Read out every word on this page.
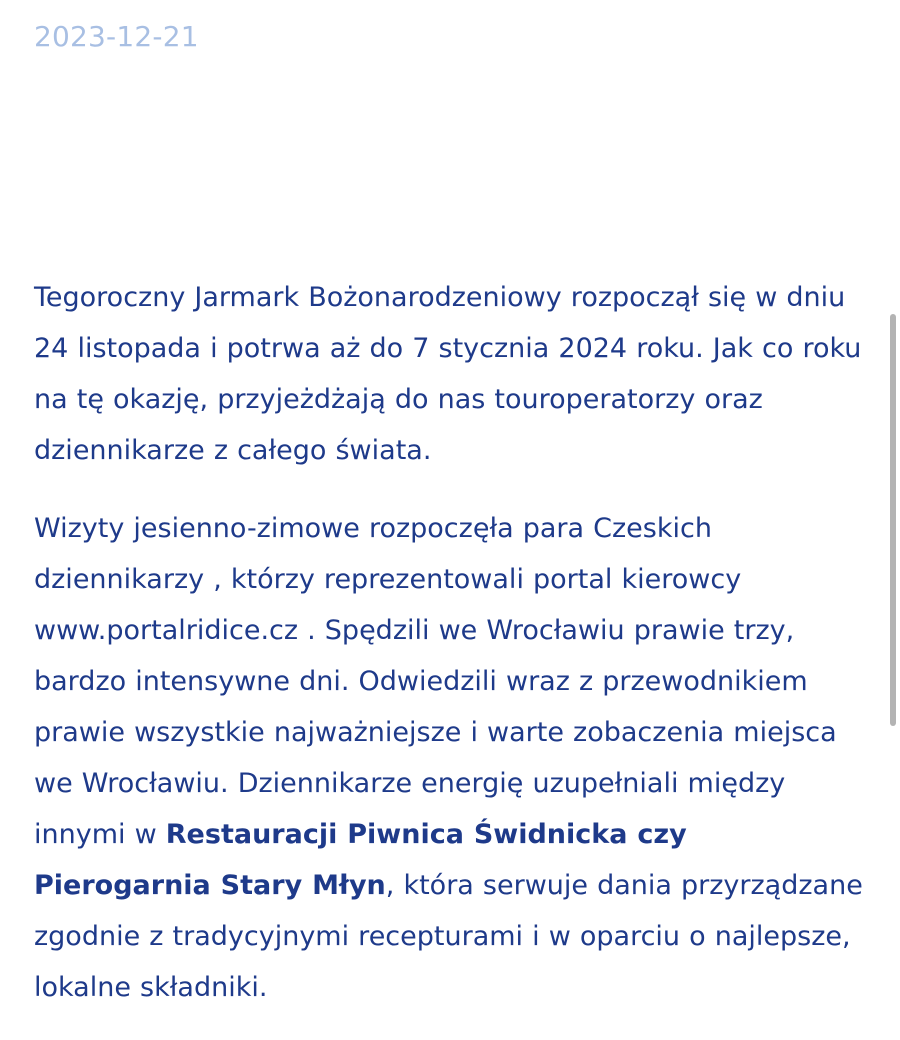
2023-12-21

Tegoroczny Jarmark Bożonarodzeniowy rozpoczął się w dniu 24 listopada i potrwa aż do 7 stycznia 2024 roku. Jak co roku na tę okazję, przyjeżdżają do nas touroperatorzy oraz dziennikarze z całego świata.

Wizyty jesienno-zimowe rozpoczęła para Czeskich dziennikarzy , którzy reprezentowali portal kierowcy www.portalridice.cz . Spędzili we Wrocławiu prawie trzy, bardzo intensywne dni. Odwiedzili wraz z przewodnikiem prawie wszystkie najważniejsze i warte zobaczenia miejsca we Wrocławiu. Dziennikarze energię uzupełniali między innymi w Restauracji Piwnica Świdnicka czy Pierogarnia Stary Młyn, która serwuje dania przyrządzane zgodnie z tradycyjnymi recepturami i w oparciu o najlepsze, lokalne składniki.
